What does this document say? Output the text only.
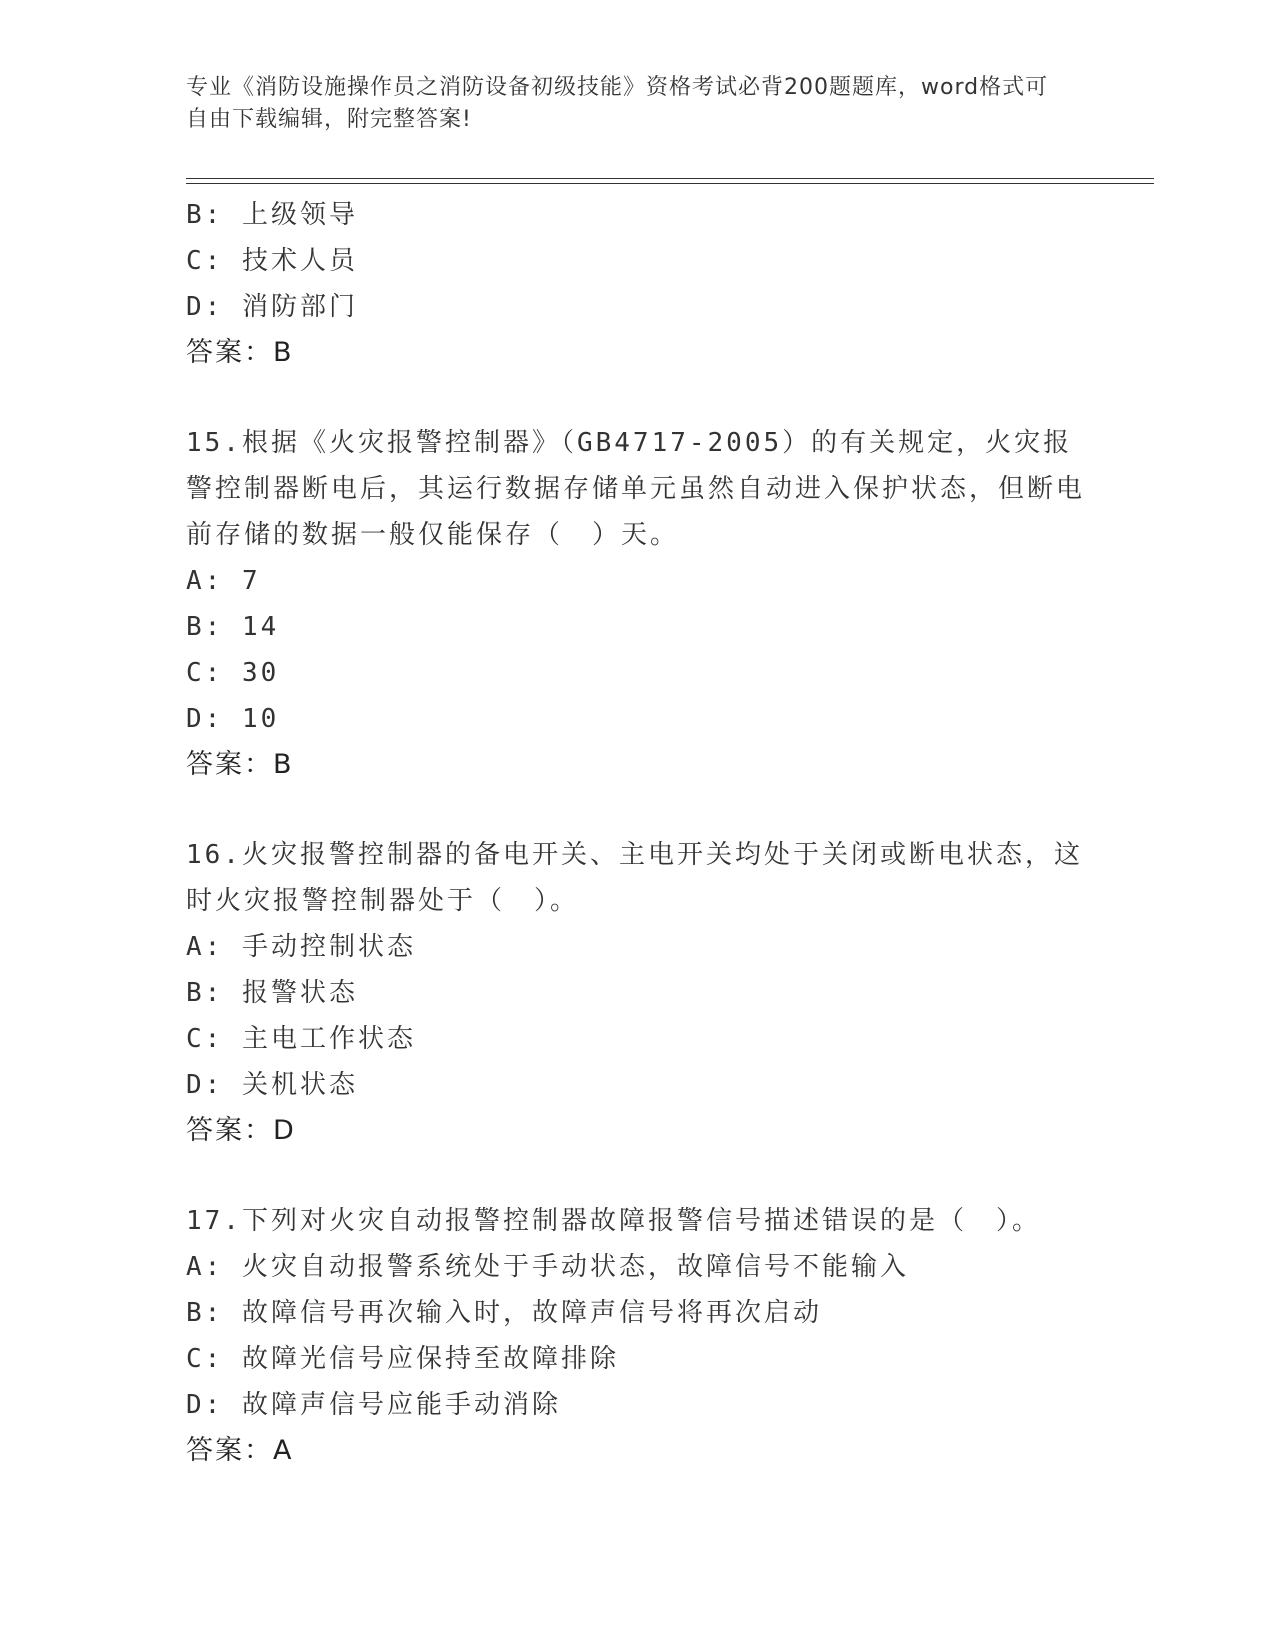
专业《消防设施操作员之消防设备初级技能》资格考试必背200题题库，word格式可自由下载编辑，附完整答案!
B: 上级领导
C: 技术人员
D: 消防部门
答案：B
15.根据《火灾报警控制器》（GB4717-2005）的有关规定，火灾报警控制器断电后，其运行数据存储单元虽然自动进入保护状态，但断电前存储的数据一般仅能保存（　）天。
A: 7
B: 14
C: 30
D: 10
答案：B
16.火灾报警控制器的备电开关、主电开关均处于关闭或断电状态，这时火灾报警控制器处于（　）。
A: 手动控制状态
B: 报警状态
C: 主电工作状态
D: 关机状态
答案：D
17.下列对火灾自动报警控制器故障报警信号描述错误的是（　）。
A: 火灾自动报警系统处于手动状态，故障信号不能输入
B: 故障信号再次输入时，故障声信号将再次启动
C: 故障光信号应保持至故障排除
D: 故障声信号应能手动消除
答案：A
